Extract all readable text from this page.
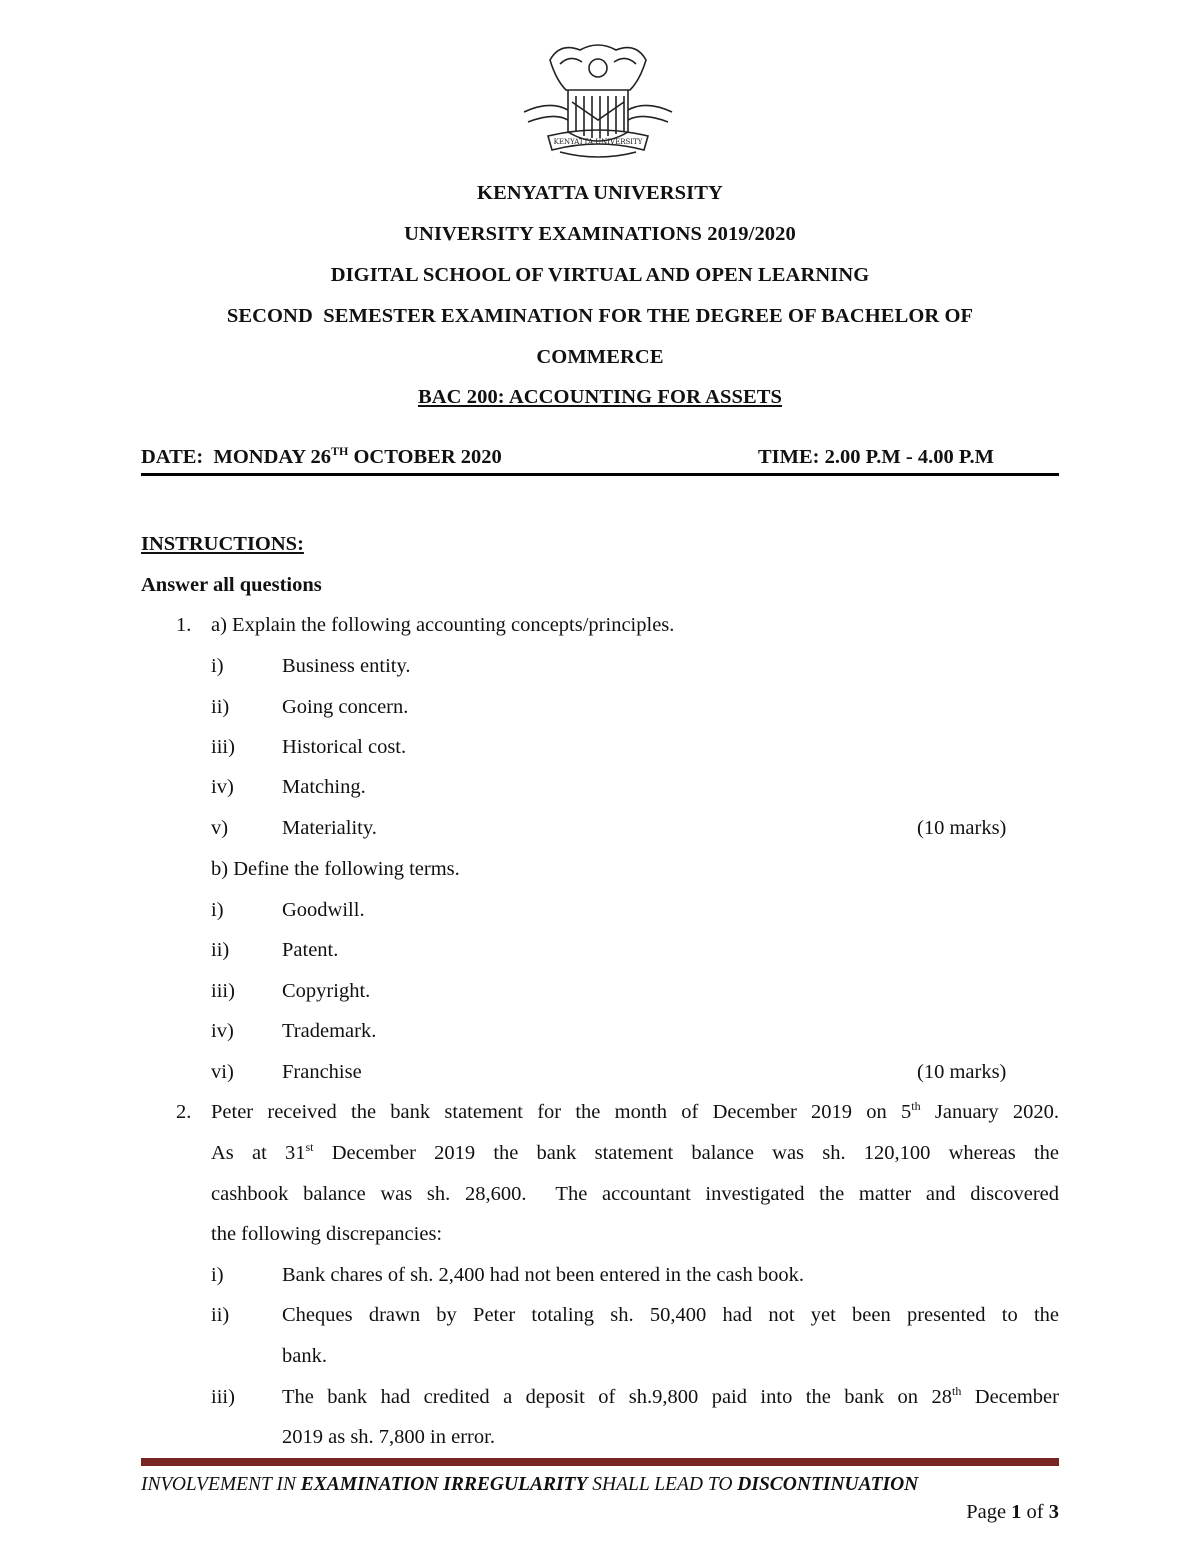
KENYATTA UNIVERSITY
KENYATTA UNIVERSITY
UNIVERSITY EXAMINATIONS 2019/2020
DIGITAL SCHOOL OF VIRTUAL AND OPEN LEARNING
SECOND  SEMESTER EXAMINATION FOR THE DEGREE OF BACHELOR OF
COMMERCE
BAC 200: ACCOUNTING FOR ASSETS
DATE:  MONDAY 26TH OCTOBER 2020	TIME: 2.00 P.M - 4.00 P.M
INSTRUCTIONS:
Answer all questions
1. a) Explain the following accounting concepts/principles.
i)	Business entity.
ii)	Going concern.
iii) Historical cost.
iv) Matching.
v)	Materiality.	(10 marks)
b) Define the following terms.
i)	Goodwill.
ii)	Patent.
iii) Copyright.
iv) Trademark.
vi) Franchise	(10 marks)
2. Peter received the bank statement for the month of December 2019 on 5th January 2020.
As at 31st December 2019 the bank statement balance was sh. 120,100 whereas the
cashbook balance was sh. 28,600.  The accountant investigated the matter and discovered
the following discrepancies:
i)	Bank chares of sh. 2,400 had not been entered in the cash book.
ii)	Cheques drawn by Peter totaling sh. 50,400 had not yet been presented to the
bank.
iii) The bank had credited a deposit of sh.9,800 paid into the bank on 28th December
2019 as sh. 7,800 in error.
INVOLVEMENT IN EXAMINATION IRREGULARITY SHALL LEAD TO DISCONTINUATION
Page 1 of 3
